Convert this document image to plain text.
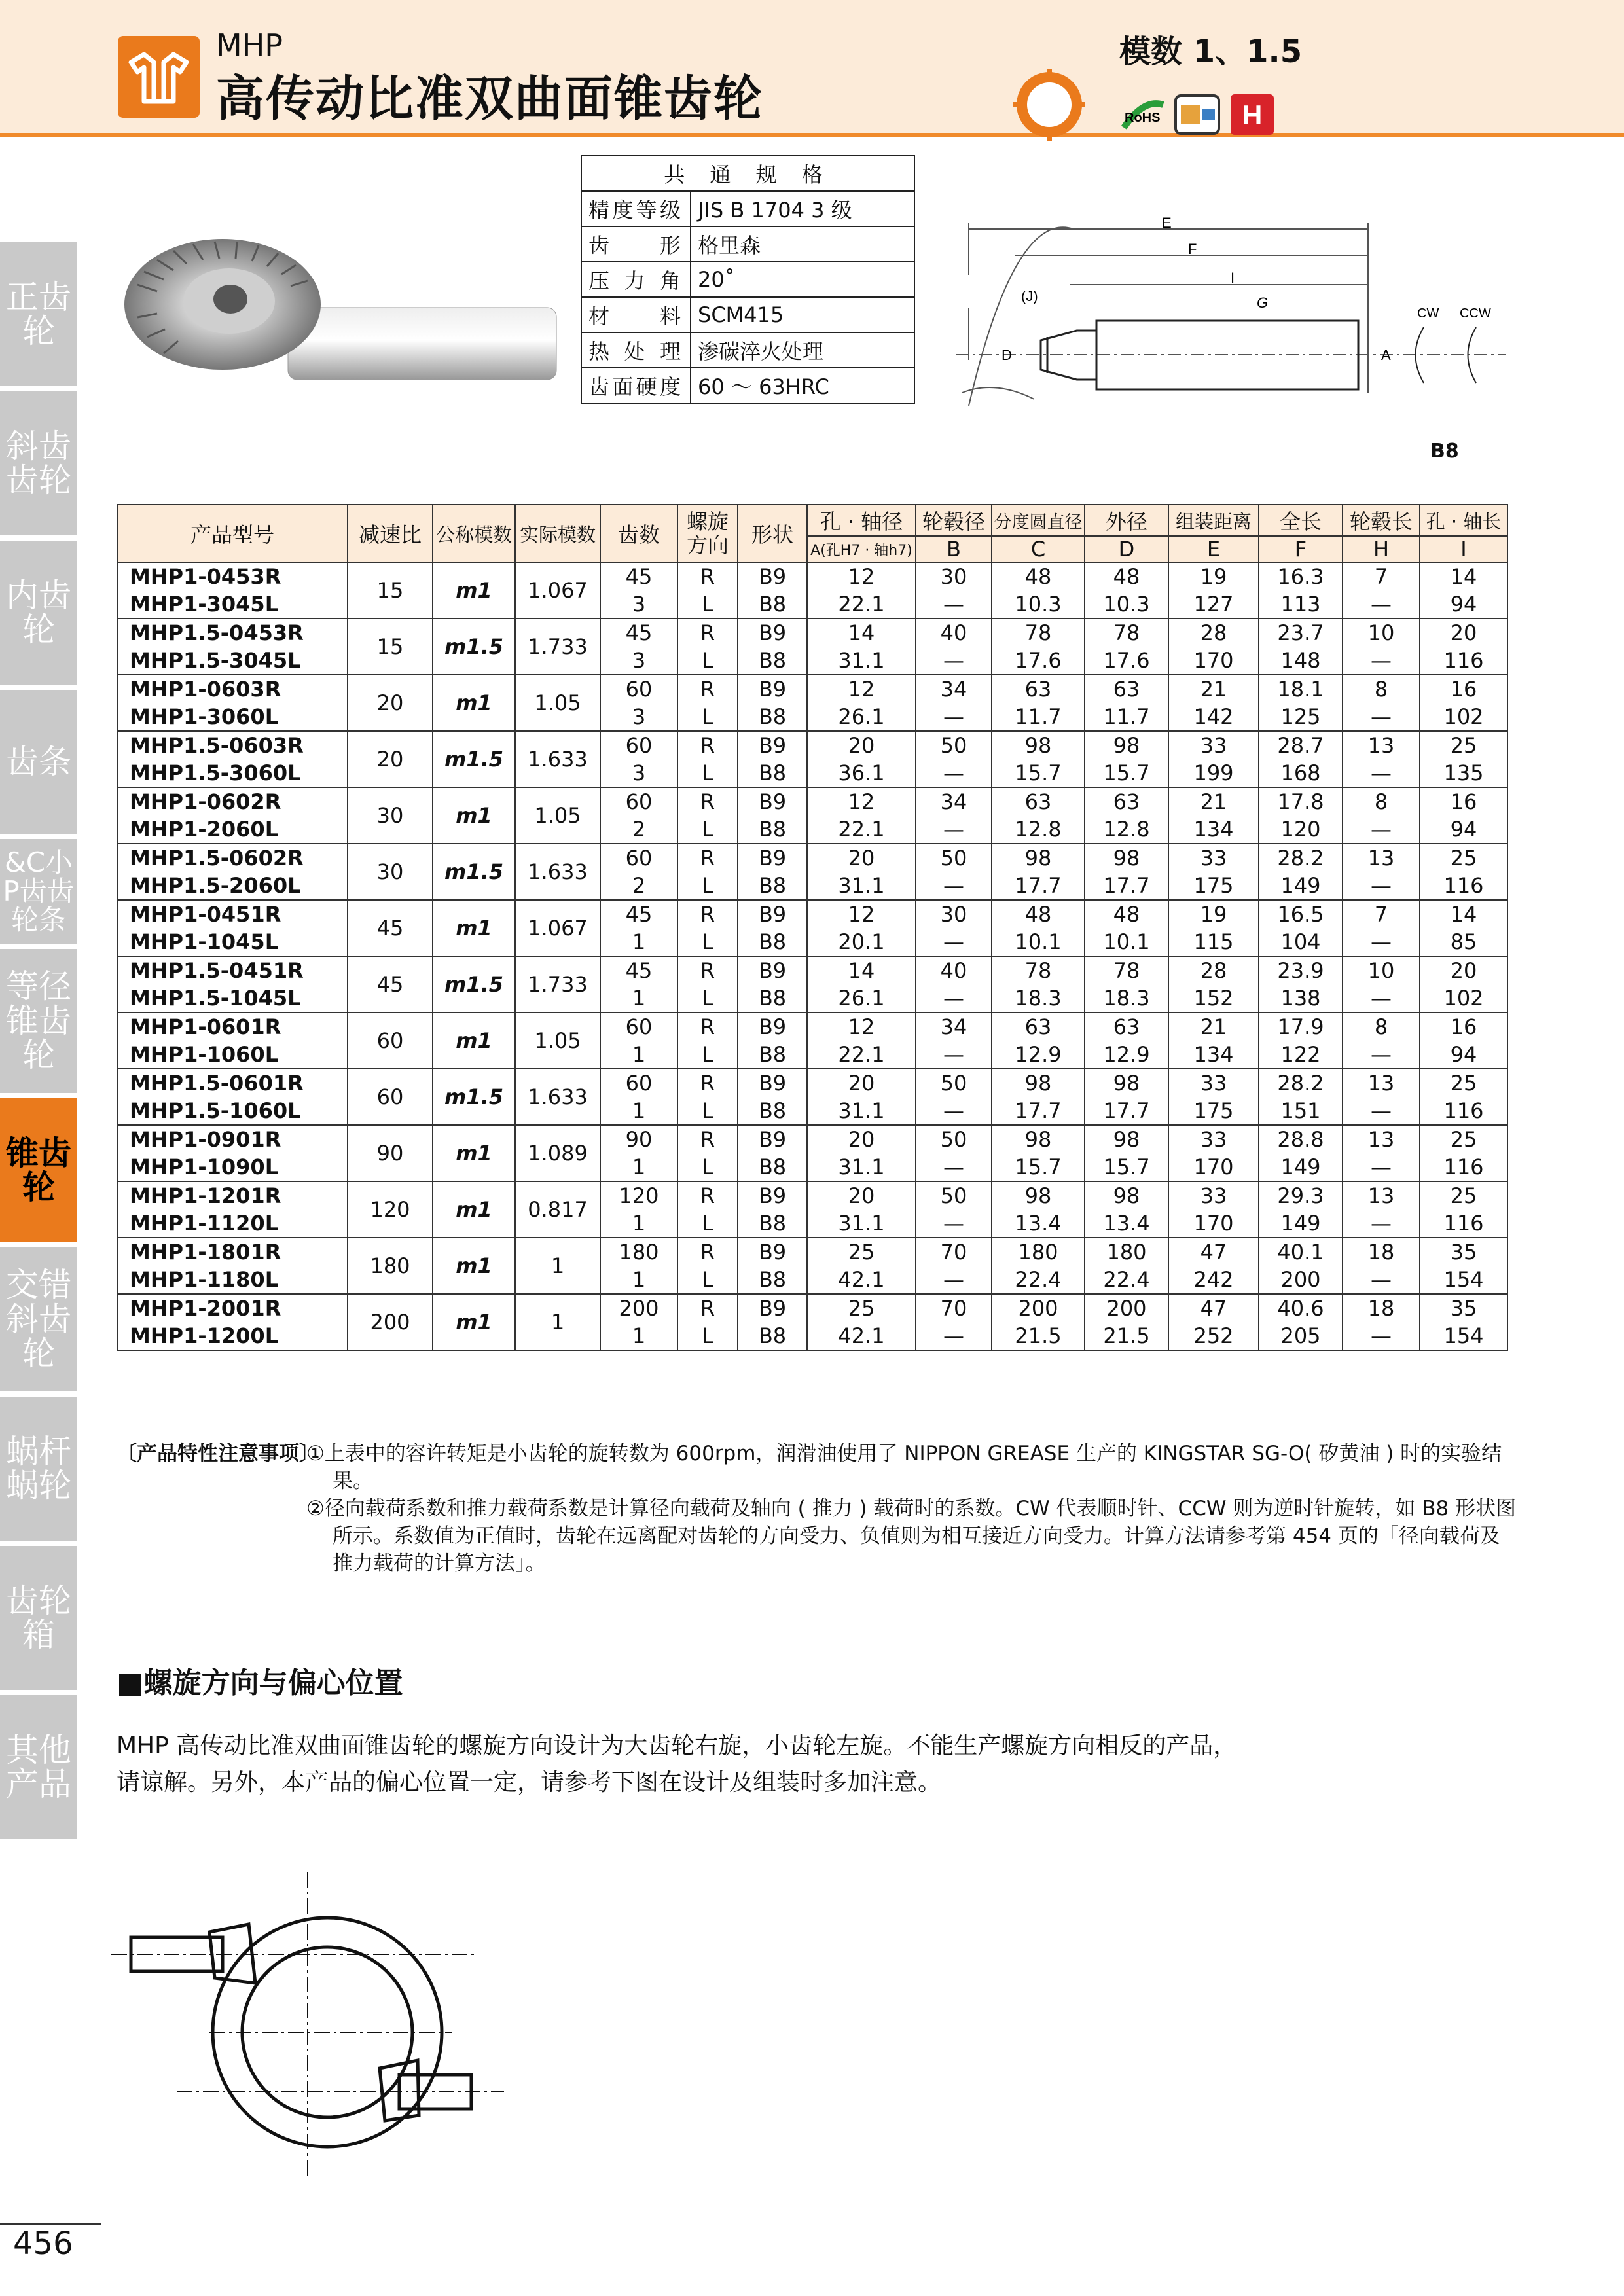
MHP
高传动比准双曲面锥齿轮
模数 1、1.5
RoHS	H
共 通 规 格	
精度等级	JIS B 1704 3 级
齿形	格里森
压力角	20˚
材料	SCM415
热处理	渗碳淬火处理
齿面硬度	60 ～ 63HRC
E
F
I
G
(J)
D	A
CW CCW
B8
正齿轮
斜齿齿轮
内齿轮
齿条
&C小P齿齿轮条
等径锥齿轮
锥齿轮
交错斜齿轮
蜗杆蜗轮
齿轮箱
其他产品
产品型号	减速比	公称模数	实际模数	齿数	螺旋方向	形状	孔 · 轴径	轮毂径	分度圆直径	外径	组装距离	全长	轮毂长	孔 · 轴长
							A(孔H7 · 轴h7)	B	C	D	E	F	H	I
MHP1-0453R	15	m1	1.067	45	R	B9	12	30	48	48	19	16.3	7	14
MHP1-3045L				3	L	B8	22.1	—	10.3	10.3	127	113	—	94
MHP1.5-0453R	15	m1.5	1.733	45	R	B9	14	40	78	78	28	23.7	10	20
MHP1.5-3045L				3	L	B8	31.1	—	17.6	17.6	170	148	—	116
MHP1-0603R	20	m1	1.05	60	R	B9	12	34	63	63	21	18.1	8	16
MHP1-3060L				3	L	B8	26.1	—	11.7	11.7	142	125	—	102
MHP1.5-0603R	20	m1.5	1.633	60	R	B9	20	50	98	98	33	28.7	13	25
MHP1.5-3060L				3	L	B8	36.1	—	15.7	15.7	199	168	—	135
MHP1-0602R	30	m1	1.05	60	R	B9	12	34	63	63	21	17.8	8	16
MHP1-2060L				2	L	B8	22.1	—	12.8	12.8	134	120	—	94
MHP1.5-0602R	30	m1.5	1.633	60	R	B9	20	50	98	98	33	28.2	13	25
MHP1.5-2060L				2	L	B8	31.1	—	17.7	17.7	175	149	—	116
MHP1-0451R	45	m1	1.067	45	R	B9	12	30	48	48	19	16.5	7	14
MHP1-1045L				1	L	B8	20.1	—	10.1	10.1	115	104	—	85
MHP1.5-0451R	45	m1.5	1.733	45	R	B9	14	40	78	78	28	23.9	10	20
MHP1.5-1045L				1	L	B8	26.1	—	18.3	18.3	152	138	—	102
MHP1-0601R	60	m1	1.05	60	R	B9	12	34	63	63	21	17.9	8	16
MHP1-1060L				1	L	B8	22.1	—	12.9	12.9	134	122	—	94
MHP1.5-0601R	60	m1.5	1.633	60	R	B9	20	50	98	98	33	28.2	13	25
MHP1.5-1060L				1	L	B8	31.1	—	17.7	17.7	175	151	—	116
MHP1-0901R	90	m1	1.089	90	R	B9	20	50	98	98	33	28.8	13	25
MHP1-1090L				1	L	B8	31.1	—	15.7	15.7	170	149	—	116
MHP1-1201R	120	m1	0.817	120	R	B9	20	50	98	98	33	29.3	13	25
MHP1-1120L				1	L	B8	31.1	—	13.4	13.4	170	149	—	116
MHP1-1801R	180	m1	1	180	R	B9	25	70	180	180	47	40.1	18	35
MHP1-1180L				1	L	B8	42.1	—	22.4	22.4	242	200	—	154
MHP1-2001R	200	m1	1	200	R	B9	25	70	200	200	47	40.6	18	35
MHP1-1200L				1	L	B8	42.1	—	21.5	21.5	252	205	—	154
〔产品特性注意事项〕

①上表中的容许转矩是小齿轮的旋转数为 600rpm，润滑油使用了 NIPPON GREASE 生产的 KINGSTAR SG-O( 矽黄油 ) 时的实验结果。

②径向载荷系数和推力载荷系数是计算径向载荷及轴向 ( 推力 ) 载荷时的系数。CW 代表顺时针、CCW 则为逆时针旋转，如 B8 形状图所示。系数值为正值时，齿轮在远离配对齿轮的方向受力、负值则为相互接近方向受力。计算方法请参考第 454 页的「径向载荷及推力载荷的计算方法」。

■螺旋方向与偏心位置
MHP 高传动比准双曲面锥齿轮的螺旋方向设计为大齿轮右旋，小齿轮左旋。不能生产螺旋方向相反的产品，请谅解。另外，本产品的偏心位置一定，请参考下图在设计及组装时多加注意。
456
